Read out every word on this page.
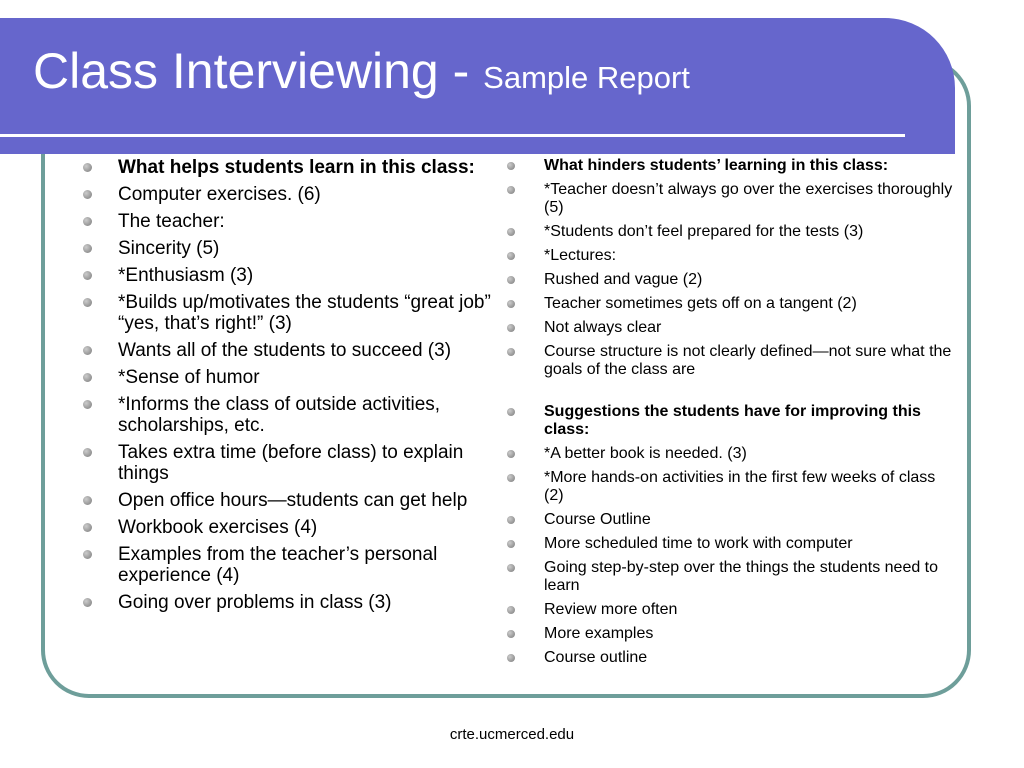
Class Interviewing - Sample Report
What helps students learn in this class:
Computer exercises. (6)
The teacher:
Sincerity (5)
*Enthusiasm (3)
*Builds up/motivates the students “great job” “yes, that’s right!” (3)
Wants all of the students to succeed (3)
*Sense of humor
*Informs the class of outside activities, scholarships, etc.
Takes extra time (before class) to explain things
Open office hours—students can get help
Workbook exercises (4)
Examples from the teacher’s personal experience (4)
Going over problems in class (3)
What hinders students’ learning in this class:
*Teacher doesn’t always go over the exercises thoroughly (5)
*Students don’t feel prepared for the tests (3)
*Lectures:
Rushed and vague (2)
Teacher sometimes gets off on a tangent (2)
Not always clear
Course structure is not clearly defined—not sure what the goals of the class are
Suggestions the students have for improving this class:
*A better book is needed. (3)
*More hands-on activities in the first few weeks of class (2)
Course Outline
More scheduled time to work with computer
Going step-by-step over the things the students need to learn
Review more often
More examples
Course outline
crte.ucmerced.edu
